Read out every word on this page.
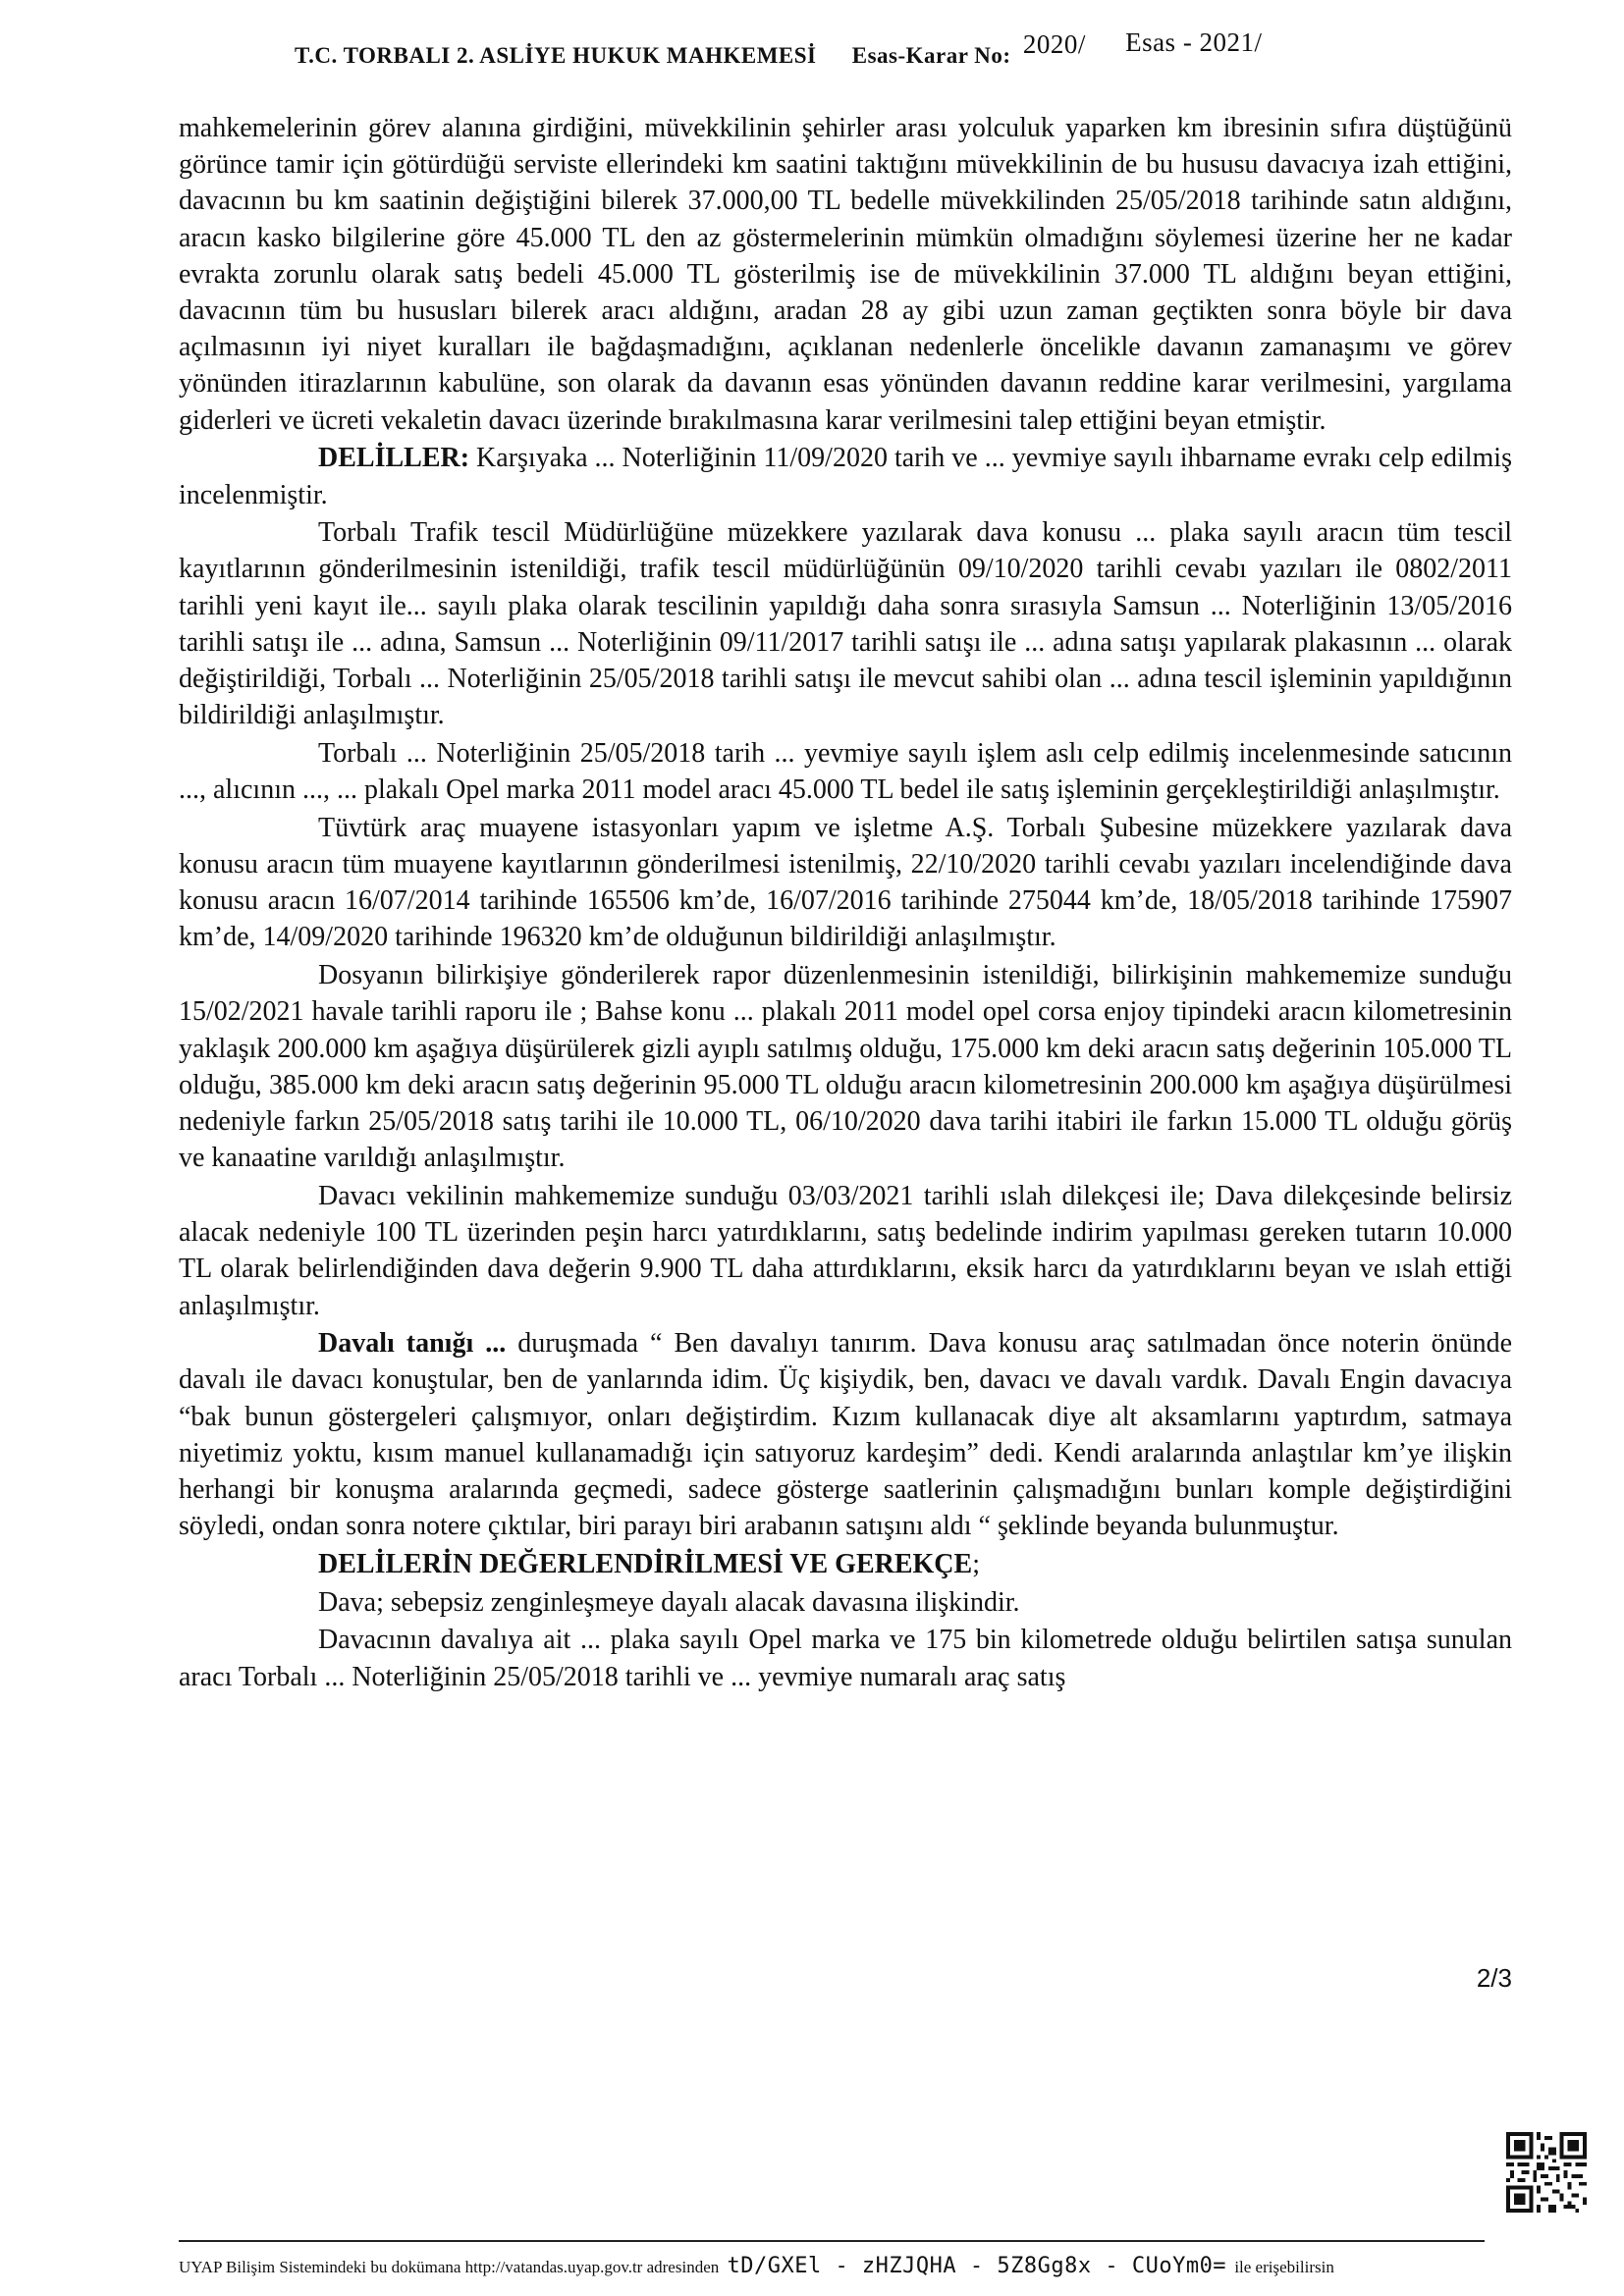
T.C. TORBALI 2. ASLİYE HUKUK MAHKEMESİ Esas-Karar No: 2020/ Esas - 2021/

mahkemelerinin görev alanına girdiğini, müvekkilinin şehirler arası yolculuk yaparken km ibresinin sıfıra düştüğünü görünce tamir için götürdüğü serviste ellerindeki km saatini taktığını müvekkilinin de bu hususu davacıya izah ettiğini, davacının bu km saatinin değiştiğini bilerek 37.000,00 TL bedelle müvekkilinden 25/05/2018 tarihinde satın aldığını, aracın kasko bilgilerine göre 45.000 TL den az göstermelerinin mümkün olmadığını söylemesi üzerine her ne kadar evrakta zorunlu olarak satış bedeli 45.000 TL gösterilmiş ise de müvekkilinin 37.000 TL aldığını beyan ettiğini, davacının tüm bu hususları bilerek aracı aldığını, aradan 28 ay gibi uzun zaman geçtikten sonra böyle bir dava açılmasının iyi niyet kuralları ile bağdaşmadığını, açıklanan nedenlerle öncelikle davanın zamanaşımı ve görev yönünden itirazlarının kabulüne, son olarak da davanın esas yönünden davanın reddine karar verilmesini, yargılama giderleri ve ücreti vekaletin davacı üzerinde bırakılmasına karar verilmesini talep ettiğini beyan etmiştir.

DELİLLER: Karşıyaka ... Noterliğinin 11/09/2020 tarih ve ... yevmiye sayılı ihbarname evrakı celp edilmiş incelenmiştir.

Torbalı Trafik tescil Müdürlüğüne müzekkere yazılarak dava konusu ... plaka sayılı aracın tüm tescil kayıtlarının gönderilmesinin istenildiği, trafik tescil müdürlüğünün 09/10/2020 tarihli cevabı yazıları ile 0802/2011 tarihli yeni kayıt ile... sayılı plaka olarak tescilinin yapıldığı daha sonra sırasıyla Samsun ... Noterliğinin 13/05/2016 tarihli satışı ile ... adına, Samsun ... Noterliğinin 09/11/2017 tarihli satışı ile ... adına satışı yapılarak plakasının ... olarak değiştirildiği, Torbalı ... Noterliğinin 25/05/2018 tarihli satışı ile mevcut sahibi olan ... adına tescil işleminin yapıldığının bildirildiği anlaşılmıştır.

Torbalı ... Noterliğinin 25/05/2018 tarih ... yevmiye sayılı işlem aslı celp edilmiş incelenmesinde satıcının ..., alıcının ..., ... plakalı Opel marka 2011 model aracı 45.000 TL bedel ile satış işleminin gerçekleştirildiği anlaşılmıştır.

Tüvtürk araç muayene istasyonları yapım ve işletme A.Ş. Torbalı Şubesine müzekkere yazılarak dava konusu aracın tüm muayene kayıtlarının gönderilmesi istenilmiş, 22/10/2020 tarihli cevabı yazıları incelendiğinde dava konusu aracın 16/07/2014 tarihinde 165506 km’de, 16/07/2016 tarihinde 275044 km’de, 18/05/2018 tarihinde 175907 km’de, 14/09/2020 tarihinde 196320 km’de olduğunun bildirildiği anlaşılmıştır.

Dosyanın bilirkişiye gönderilerek rapor düzenlenmesinin istenildiği, bilirkişinin mahkememize sunduğu 15/02/2021 havale tarihli raporu ile ; Bahse konu ... plakalı 2011 model opel corsa enjoy tipindeki aracın kilometresinin yaklaşık 200.000 km aşağıya düşürülerek gizli ayıplı satılmış olduğu, 175.000 km deki aracın satış değerinin 105.000 TL olduğu, 385.000 km deki aracın satış değerinin 95.000 TL olduğu aracın kilometresinin 200.000 km aşağıya düşürülmesi nedeniyle farkın 25/05/2018 satış tarihi ile 10.000 TL, 06/10/2020 dava tarihi itabiri ile farkın 15.000 TL olduğu görüş ve kanaatine varıldığı anlaşılmıştır.

Davacı vekilinin mahkememize sunduğu 03/03/2021 tarihli ıslah dilekçesi ile; Dava dilekçesinde belirsiz alacak nedeniyle 100 TL üzerinden peşin harcı yatırdıklarını, satış bedelinde indirim yapılması gereken tutarın 10.000 TL olarak belirlendiğinden dava değerin 9.900 TL daha attırdıklarını, eksik harcı da yatırdıklarını beyan ve ıslah ettiği anlaşılmıştır.

Davalı tanığı ... duruşmada “ Ben davalıyı tanırım. Dava konusu araç satılmadan önce noterin önünde davalı ile davacı konuştular, ben de yanlarında idim. Üç kişiydik, ben, davacı ve davalı vardık. Davalı Engin davacıya “bak bunun göstergeleri çalışmıyor, onları değiştirdim. Kızım kullanacak diye alt aksamlarını yaptırdım, satmaya niyetimiz yoktu, kısım manuel kullanamadığı için satıyoruz kardeşim” dedi. Kendi aralarında anlaştılar km’ye ilişkin herhangi bir konuşma aralarında geçmedi, sadece gösterge saatlerinin çalışmadığını bunları komple değiştirdiğini söyledi, ondan sonra notere çıktılar, biri parayı biri arabanın satışını aldı “ şeklinde beyanda bulunmuştur.

DELİLERİN DEĞERLENDİRİLMESİ VE GEREKÇE;

Dava; sebepsiz zenginleşmeye dayalı alacak davasına ilişkindir.

Davacının davalıya ait ... plaka sayılı Opel marka ve 175 bin kilometrede olduğu belirtilen satışa sunulan aracı Torbalı ... Noterliğinin 25/05/2018 tarihli ve ... yevmiye numaralı araç satış

2/3
UYAP Bilişim Sistemindeki bu dokümana http://vatandas.uyap.gov.tr adresinden tD/GXEl - zHZJQHA - 5Z8Gg8x - CUoYm0= ile erişebilirsin
